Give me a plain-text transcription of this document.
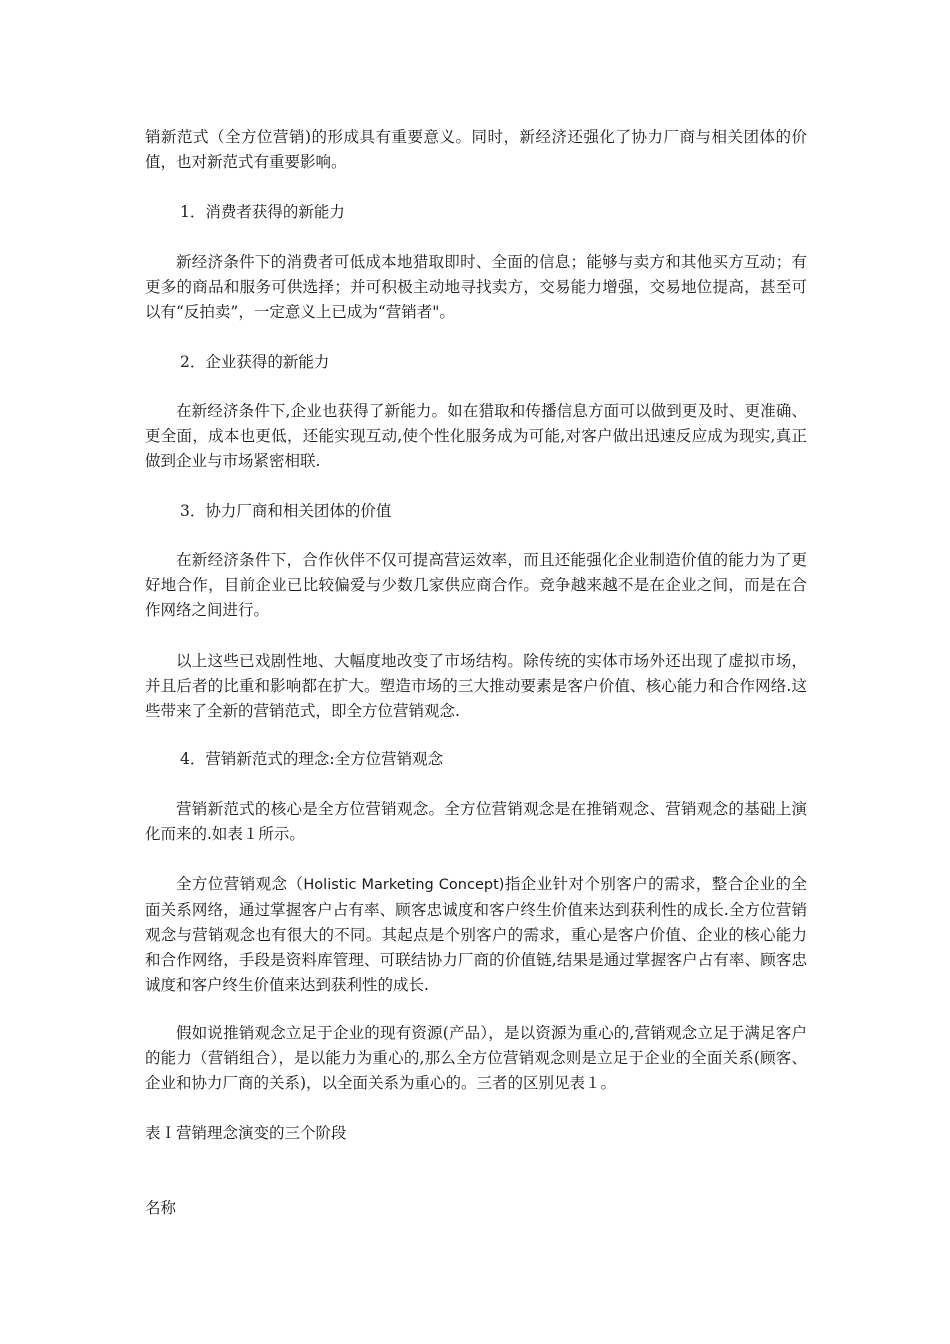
销新范式（全方位营销)的形成具有重要意义。同时，新经济还强化了协力厂商与相关团体的价值，也对新范式有重要影响。

1．消费者获得的新能力

新经济条件下的消费者可低成本地猎取即时、全面的信息；能够与卖方和其他买方互动；有更多的商品和服务可供选择；并可积极主动地寻找卖方，交易能力增强，交易地位提高，甚至可以有“反拍卖”，一定意义上已成为“营销者"。

2．企业获得的新能力

在新经济条件下,企业也获得了新能力。如在猎取和传播信息方面可以做到更及时、更准确、更全面，成本也更低，还能实现互动,使个性化服务成为可能,对客户做出迅速反应成为现实,真正做到企业与市场紧密相联.

3．协力厂商和相关团体的价值

在新经济条件下，合作伙伴不仅可提高营运效率，而且还能强化企业制造价值的能力为了更好地合作，目前企业已比较偏爱与少数几家供应商合作。竞争越来越不是在企业之间，而是在合作网络之间进行。

以上这些已戏剧性地、大幅度地改变了市场结构。除传统的实体市场外还出现了虚拟市场，并且后者的比重和影响都在扩大。塑造市场的三大推动要素是客户价值、核心能力和合作网络.这些带来了全新的营销范式，即全方位营销观念.

4．营销新范式的理念:全方位营销观念

营销新范式的核心是全方位营销观念。全方位营销观念是在推销观念、营销观念的基础上演化而来的.如表１所示。

全方位营销观念（Holistic Marketing Concept)指企业针对个别客户的需求，整合企业的全面关系网络，通过掌握客户占有率、顾客忠诚度和客户终生价值来达到获利性的成长.全方位营销观念与营销观念也有很大的不同。其起点是个别客户的需求，重心是客户价值、企业的核心能力和合作网络，手段是资料库管理、可联结协力厂商的价值链,结果是通过掌握客户占有率、顾客忠诚度和客户终生价值来达到获利性的成长.

假如说推销观念立足于企业的现有资源(产品），是以资源为重心的,营销观念立足于满足客户的能力（营销组合），是以能力为重心的,那么全方位营销观念则是立足于企业的全面关系(顾客、企业和协力厂商的关系)，以全面关系为重心的。三者的区别见表１。

表Ｉ营销理念演变的三个阶段

名称
